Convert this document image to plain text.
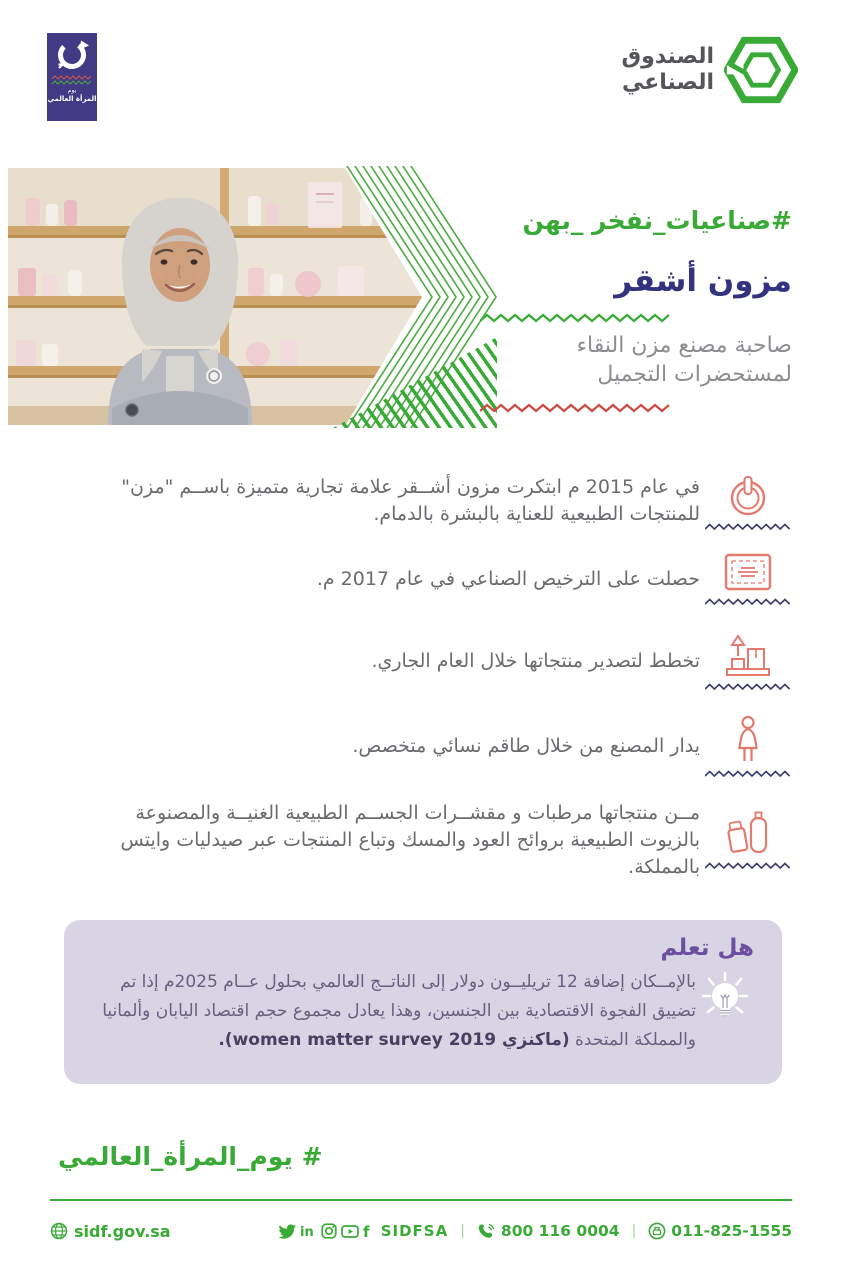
يوم
المرأة العالمي
الصندوق
الصناعي
#صناعيات_نفخر _بهن
مزون أشقر
صاحبة مصنع مزن النقاء
لمستحضرات التجميل
في عام 2015 م ابتكرت مزون أشــقر علامة تجارية متميزة باســم "مزن" للمنتجات الطبيعية للعناية بالبشرة بالدمام.
حصلت على الترخيص الصناعي في عام 2017 م.
تخطط لتصدير منتجاتها خلال العام الجاري.
يدار المصنع من خلال طاقم نسائي متخصص.
مــن منتجاتها مرطبات و مقشــرات الجســم الطبيعية الغنيــة والمصنوعة بالزيوت الطبيعية بروائح العود والمسك وتباع المنتجات عبر صيدليات وايتس بالمملكة.
هل تعلم

بالإمــكان إضافة 12 تريليــون دولار إلى الناتــج العالمي بحلول عــام 2025م إذا تم تضييق الفجوة الاقتصادية بين الجنسين، وهذا يعادل مجموع حجم اقتصاد اليابان وألمانيا والمملكة المتحدة (ماكنزي 2019 women matter survey).

# يوم_المرأة_العالمي
sidf.gov.sa	in	f SIDFSA | 800 116 0004 | 011-825-1555
